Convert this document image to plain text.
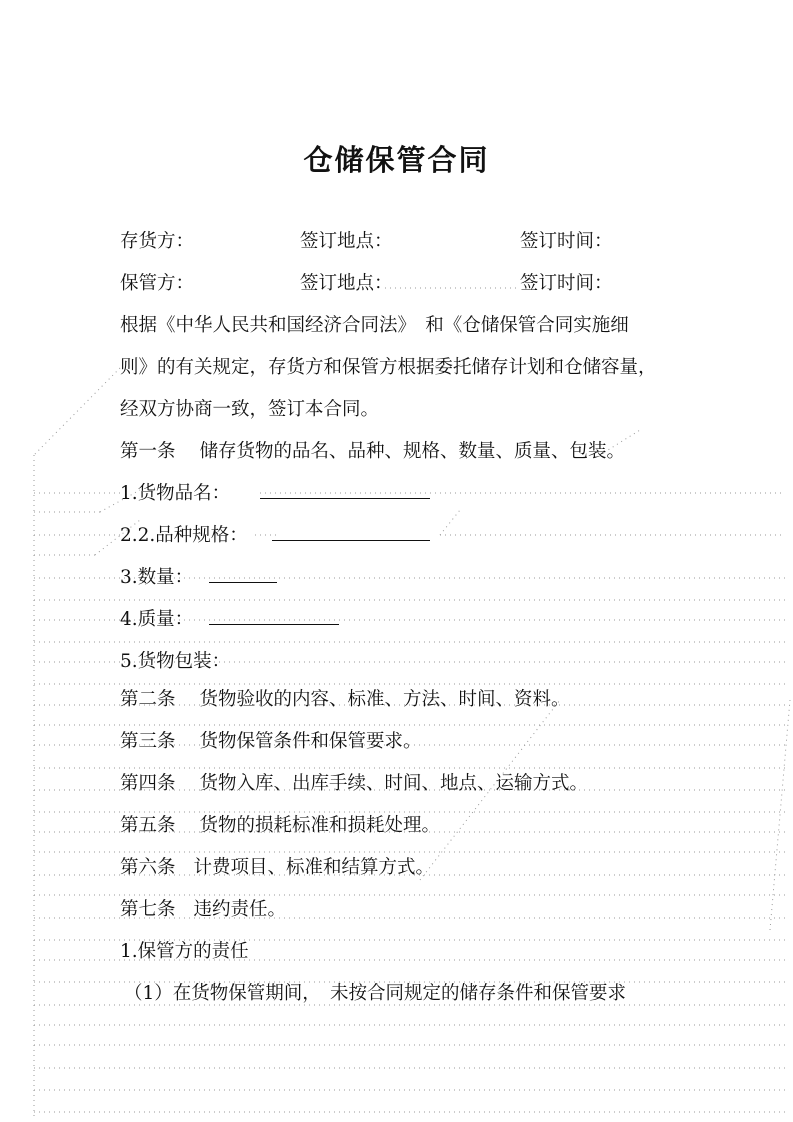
仓储保管合同
存货方：	签订地点：	签订时间：
保管方：	签订地点：	签订时间：
根据《中华人民共和国经济合同法》　和《仓储保管合同实施细
则》的有关规定，存货方和保管方根据委托储存计划和仓储容量，
经双方协商一致，签订本合同。
第一条 储存货物的品名、品种、规格、数量、质量、包装。
1.货物品名：
2.2.品种规格：
3.数量：
4.质量：
5.货物包装：
第二条 货物验收的内容、标准、方法、时间、资料。
第三条 货物保管条件和保管要求。
第四条 货物入库、出库手续、时间、地点、运输方式。
第五条 货物的损耗标准和损耗处理。
第六条 计费项目、标准和结算方式。
第七条 违约责任。
1.保管方的责任
（1）在货物保管期间，　未按合同规定的储存条件和保管要求
